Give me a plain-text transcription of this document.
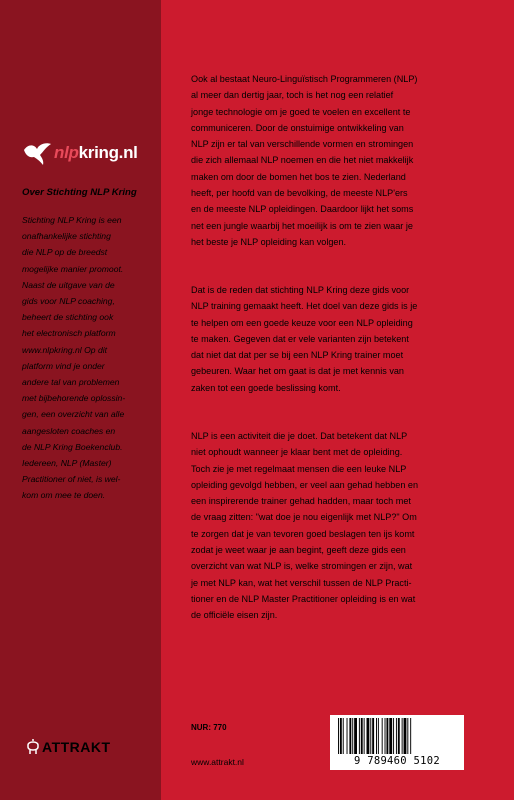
nlpkring.nl
Over Stichting NLP Kring
Stichting NLP Kring is een
onafhankelijke stichting
die NLP op de breedst
mogelijke manier promoot.
Naast de uitgave van de
gids voor NLP coaching,
beheert de stichting ook
het electronisch platform
www.nlpkring.nl Op dit
platform vind je onder
andere tal van problemen
met bijbehorende oplossin-
gen, een overzicht van alle
aangesloten coaches en
de NLP Kring Boekenclub.
Iedereen, NLP (Master)
Practitioner of niet, is wel-
kom om mee te doen.
ATTRAKT
Ook al bestaat Neuro-Linguïstisch Programmeren (NLP)
al meer dan dertig jaar, toch is het nog een relatief
jonge technologie om je goed te voelen en excellent te
communiceren. Door de onstuimige ontwikkeling van
NLP zijn er tal van verschillende vormen en stromingen
die zich allemaal NLP noemen en die het niet makkelijk
maken om door de bomen het bos te zien. Nederland
heeft, per hoofd van de bevolking, de meeste NLP'ers
en de meeste NLP opleidingen. Daardoor lijkt het soms
net een jungle waarbij het moeilijk is om te zien waar je
het beste je NLP opleiding kan volgen.
Dat is de reden dat stichting NLP Kring deze gids voor
NLP training gemaakt heeft. Het doel van deze gids is je
te helpen om een goede keuze voor een NLP opleiding
te maken. Gegeven dat er vele varianten zijn betekent
dat niet dat dat per se bij een NLP Kring trainer moet
gebeuren. Waar het om gaat is dat je met kennis van
zaken tot een goede beslissing komt.
NLP is een activiteit die je doet. Dat betekent dat NLP
niet ophoudt wanneer je klaar bent met de opleiding.
Toch zie je met regelmaat mensen die een leuke NLP
opleiding gevolgd hebben, er veel aan gehad hebben en
een inspirerende trainer gehad hadden, maar toch met
de vraag zitten: "wat doe je nou eigenlijk met NLP?" Om
te zorgen dat je van tevoren goed beslagen ten ijs komt
zodat je weet waar je aan begint, geeft deze gids een
overzicht van wat NLP is, welke stromingen er zijn, wat
je met NLP kan, wat het verschil tussen de NLP Practi-
tioner en de NLP Master Practitioner opleiding is en wat
de officiële eisen zijn.
NUR: 770
www.attrakt.nl	9 789460 5102
